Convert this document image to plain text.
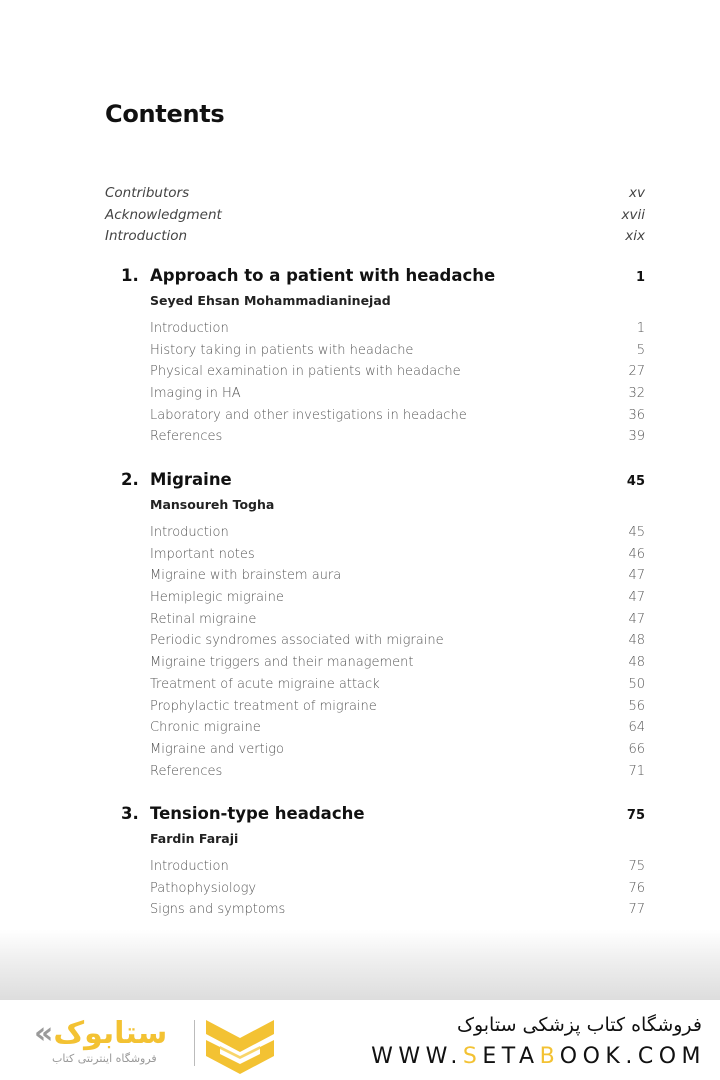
Contents
Contributors	xv
Acknowledgment	xvii
Introduction	xix
1. Approach to a patient with headache	1
Seyed Ehsan Mohammadianinejad
Introduction	1
History taking in patients with headache	5
Physical examination in patients with headache	27
Imaging in HA	32
Laboratory and other investigations in headache	36
References	39
2. Migraine	45
Mansoureh Togha
Introduction	45
Important notes	46
Migraine with brainstem aura	47
Hemiplegic migraine	47
Retinal migraine	47
Periodic syndromes associated with migraine	48
Migraine triggers and their management	48
Treatment of acute migraine attack	50
Prophylactic treatment of migraine	56
Chronic migraine	64
Migraine and vertigo	66
References	71
3. Tension-type headache	75
Fardin Faraji
Introduction	75
Pathophysiology	76
Signs and symptoms	77
«ستابوک
فروشگاه اینترنتی کتاب
فروشگاه کتاب پزشکی ستابوک
WWW.SETABOOK.COM
